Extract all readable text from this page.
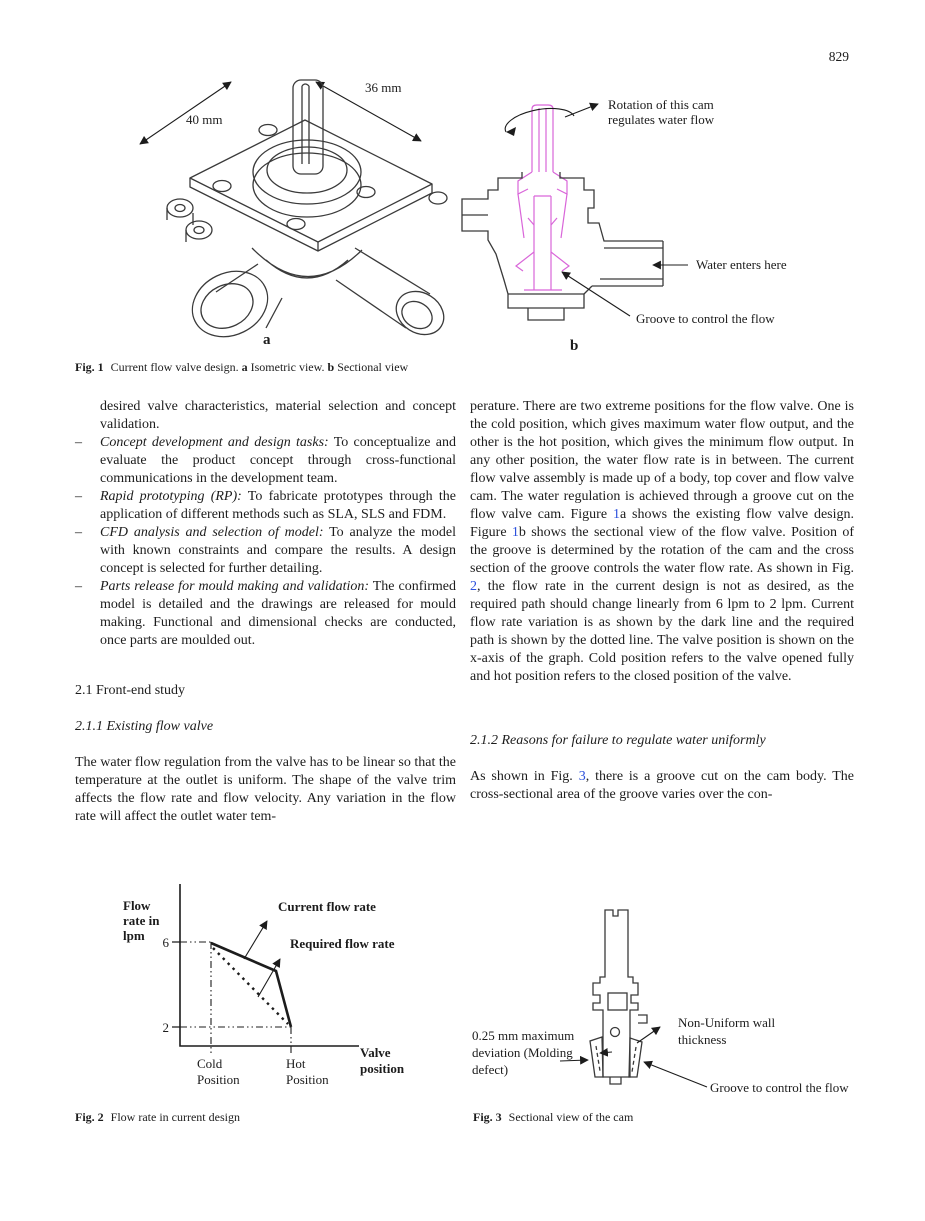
829
40 mm
36 mm
a
Rotation of this cam
regulates water flow
Water enters here
Groove to control the flow
b
Fig. 1 Current flow valve design. a Isometric view. b Sectional view
desired valve characteristics, material selection and concept validation.
–	Concept development and design tasks: To conceptualize and evaluate the product concept through cross-functional communications in the development team.
–	Rapid prototyping (RP): To fabricate prototypes through the application of different methods such as SLA, SLS and FDM.
–	CFD analysis and selection of model: To analyze the model with known constraints and compare the results. A design concept is selected for further detailing.
–	Parts release for mould making and validation: The confirmed model is detailed and the drawings are released for mould making. Functional and dimensional checks are conducted, once parts are moulded out.
2.1 Front-end study
2.1.1 Existing flow valve

The water flow regulation from the valve has to be linear so that the temperature at the outlet is uniform. The shape of the valve trim affects the flow rate and flow velocity. Any variation in the flow rate will affect the outlet water tem-

perature. There are two extreme positions for the flow valve. One is the cold position, which gives maximum water flow output, and the other is the hot position, which gives the minimum flow output. In any other position, the water flow rate is in between. The current flow valve assembly is made up of a body, top cover and flow valve cam. The water regulation is achieved through a groove cut on the flow valve cam. Figure 1a shows the existing flow valve design. Figure 1b shows the sectional view of the flow valve. Position of the groove is determined by the rotation of the cam and the cross section of the groove controls the water flow rate. As shown in Fig. 2, the flow rate in the current design is not as desired, as the required path should change linearly from 6 lpm to 2 lpm. Current flow rate variation is as shown by the dark line and the required path is shown by the dotted line. The valve position is shown on the x-axis of the graph. Cold position refers to the valve opened fully and hot position refers to the closed position of the valve.

2.1.2 Reasons for failure to regulate water uniformly

As shown in Fig. 3, there is a groove cut on the cam body. The cross-sectional area of the groove varies over the con-

Flow
rate in
lpm 6
2
Current flow rate
Required flow rate
Valve
position
Cold
Position
Hot
Position
0.25 mm maximum
deviation (Molding
defect)
Non-Uniform wall
thickness
Groove to control the flow
Fig. 2 Flow rate in current design	Fig. 3 Sectional view of the cam
